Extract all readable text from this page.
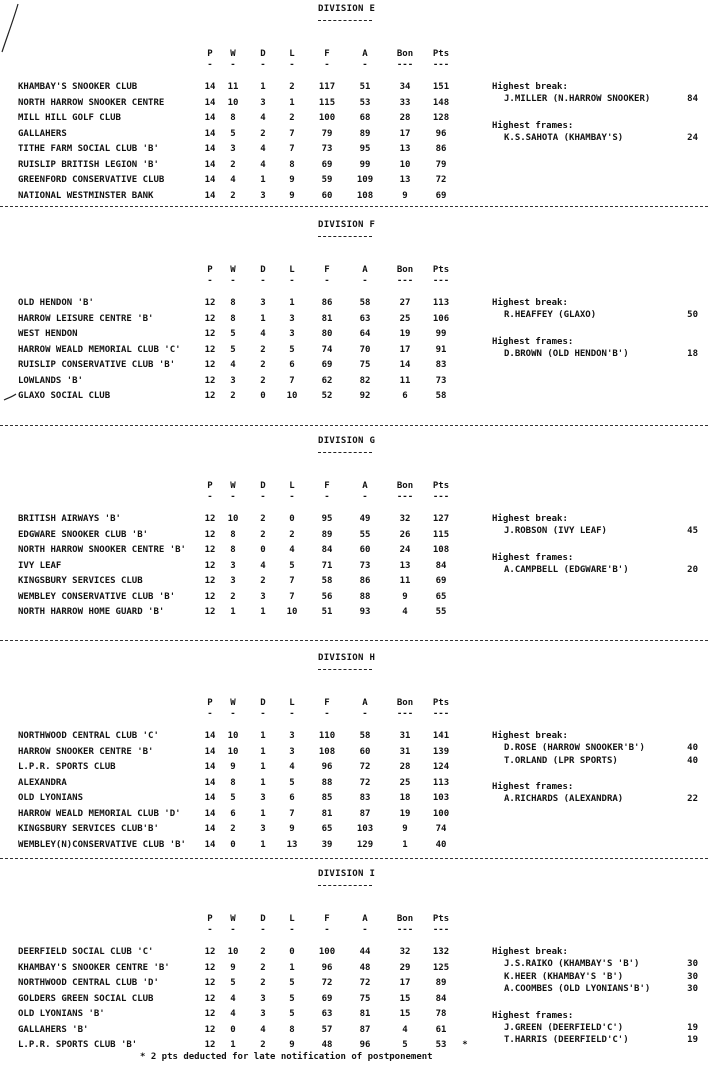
* 2 pts deducted for late notification of postponement
DIVISION E
P	W	D	L	F	A	Bon	Pts
-	-	-	-	-	-	---	---
KHAMBAY'S SNOOKER CLUB	14	11	1	2	117	51	34	151
NORTH HARROW SNOOKER CENTRE	14	10	3	1	115	53	33	148
MILL HILL GOLF CLUB	14	8	4	2	100	68	28	128
GALLAHERS	14	5	2	7	79	89	17	96
TITHE FARM SOCIAL CLUB 'B'	14	3	4	7	73	95	13	86
RUISLIP BRITISH LEGION 'B'	14	2	4	8	69	99	10	79
GREENFORD CONSERVATIVE CLUB	14	4	1	9	59	109	13	72
NATIONAL WESTMINSTER BANK	14	2	3	9	60	108	9	69
Highest break:
J.MILLER (N.HARROW SNOOKER)	84
Highest frames:
K.S.SAHOTA (KHAMBAY'S)	24
DIVISION F
P	W	D	L	F	A	Bon	Pts
-	-	-	-	-	-	---	---
OLD HENDON 'B'	12	8	3	1	86	58	27	113
HARROW LEISURE CENTRE 'B'	12	8	1	3	81	63	25	106
WEST HENDON	12	5	4	3	80	64	19	99
HARROW WEALD MEMORIAL CLUB 'C'	12	5	2	5	74	70	17	91
RUISLIP CONSERVATIVE CLUB 'B'	12	4	2	6	69	75	14	83
LOWLANDS 'B'	12	3	2	7	62	82	11	73
GLAXO SOCIAL CLUB	12	2	0	10	52	92	6	58
Highest break:
R.HEAFFEY (GLAXO)	50
Highest frames:
D.BROWN (OLD HENDON'B')	18
DIVISION G
P	W	D	L	F	A	Bon	Pts
-	-	-	-	-	-	---	---
BRITISH AIRWAYS 'B'	12	10	2	0	95	49	32	127
EDGWARE SNOOKER CLUB 'B'	12	8	2	2	89	55	26	115
NORTH HARROW SNOOKER CENTRE 'B'	12	8	0	4	84	60	24	108
IVY LEAF	12	3	4	5	71	73	13	84
KINGSBURY SERVICES CLUB	12	3	2	7	58	86	11	69
WEMBLEY CONSERVATIVE CLUB 'B'	12	2	3	7	56	88	9	65
NORTH HARROW HOME GUARD 'B'	12	1	1	10	51	93	4	55
Highest break:
J.ROBSON (IVY LEAF)	45
Highest frames:
A.CAMPBELL (EDGWARE'B')	20
DIVISION H
P	W	D	L	F	A	Bon	Pts
-	-	-	-	-	-	---	---
NORTHWOOD CENTRAL CLUB 'C'	14	10	1	3	110	58	31	141
HARROW SNOOKER CENTRE 'B'	14	10	1	3	108	60	31	139
L.P.R. SPORTS CLUB	14	9	1	4	96	72	28	124
ALEXANDRA	14	8	1	5	88	72	25	113
OLD LYONIANS	14	5	3	6	85	83	18	103
HARROW WEALD MEMORIAL CLUB 'D'	14	6	1	7	81	87	19	100
KINGSBURY SERVICES CLUB'B'	14	2	3	9	65	103	9	74
WEMBLEY(N)CONSERVATIVE CLUB 'B'	14	0	1	13	39	129	1	40
Highest break:
D.ROSE (HARROW SNOOKER'B')	40
T.ORLAND (LPR SPORTS)	40
Highest frames:
A.RICHARDS (ALEXANDRA)	22
DIVISION I
P	W	D	L	F	A	Bon	Pts
-	-	-	-	-	-	---	---
DEERFIELD SOCIAL CLUB 'C'	12	10	2	0	100	44	32	132
KHAMBAY'S SNOOKER CENTRE 'B'	12	9	2	1	96	48	29	125
NORTHWOOD CENTRAL CLUB 'D'	12	5	2	5	72	72	17	89
GOLDERS GREEN SOCIAL CLUB	12	4	3	5	69	75	15	84
OLD LYONIANS 'B'	12	4	3	5	63	81	15	78
GALLAHERS 'B'	12	0	4	8	57	87	4	61
L.P.R. SPORTS CLUB 'B'	12	1	2	9	48	96	5	53	*
Highest break:
J.S.RAIKO (KHAMBAY'S 'B')	30
K.HEER (KHAMBAY'S 'B')	30
A.COOMBES (OLD LYONIANS'B')	30
Highest frames:
J.GREEN (DEERFIELD'C')	19
T.HARRIS (DEERFIELD'C')	19
